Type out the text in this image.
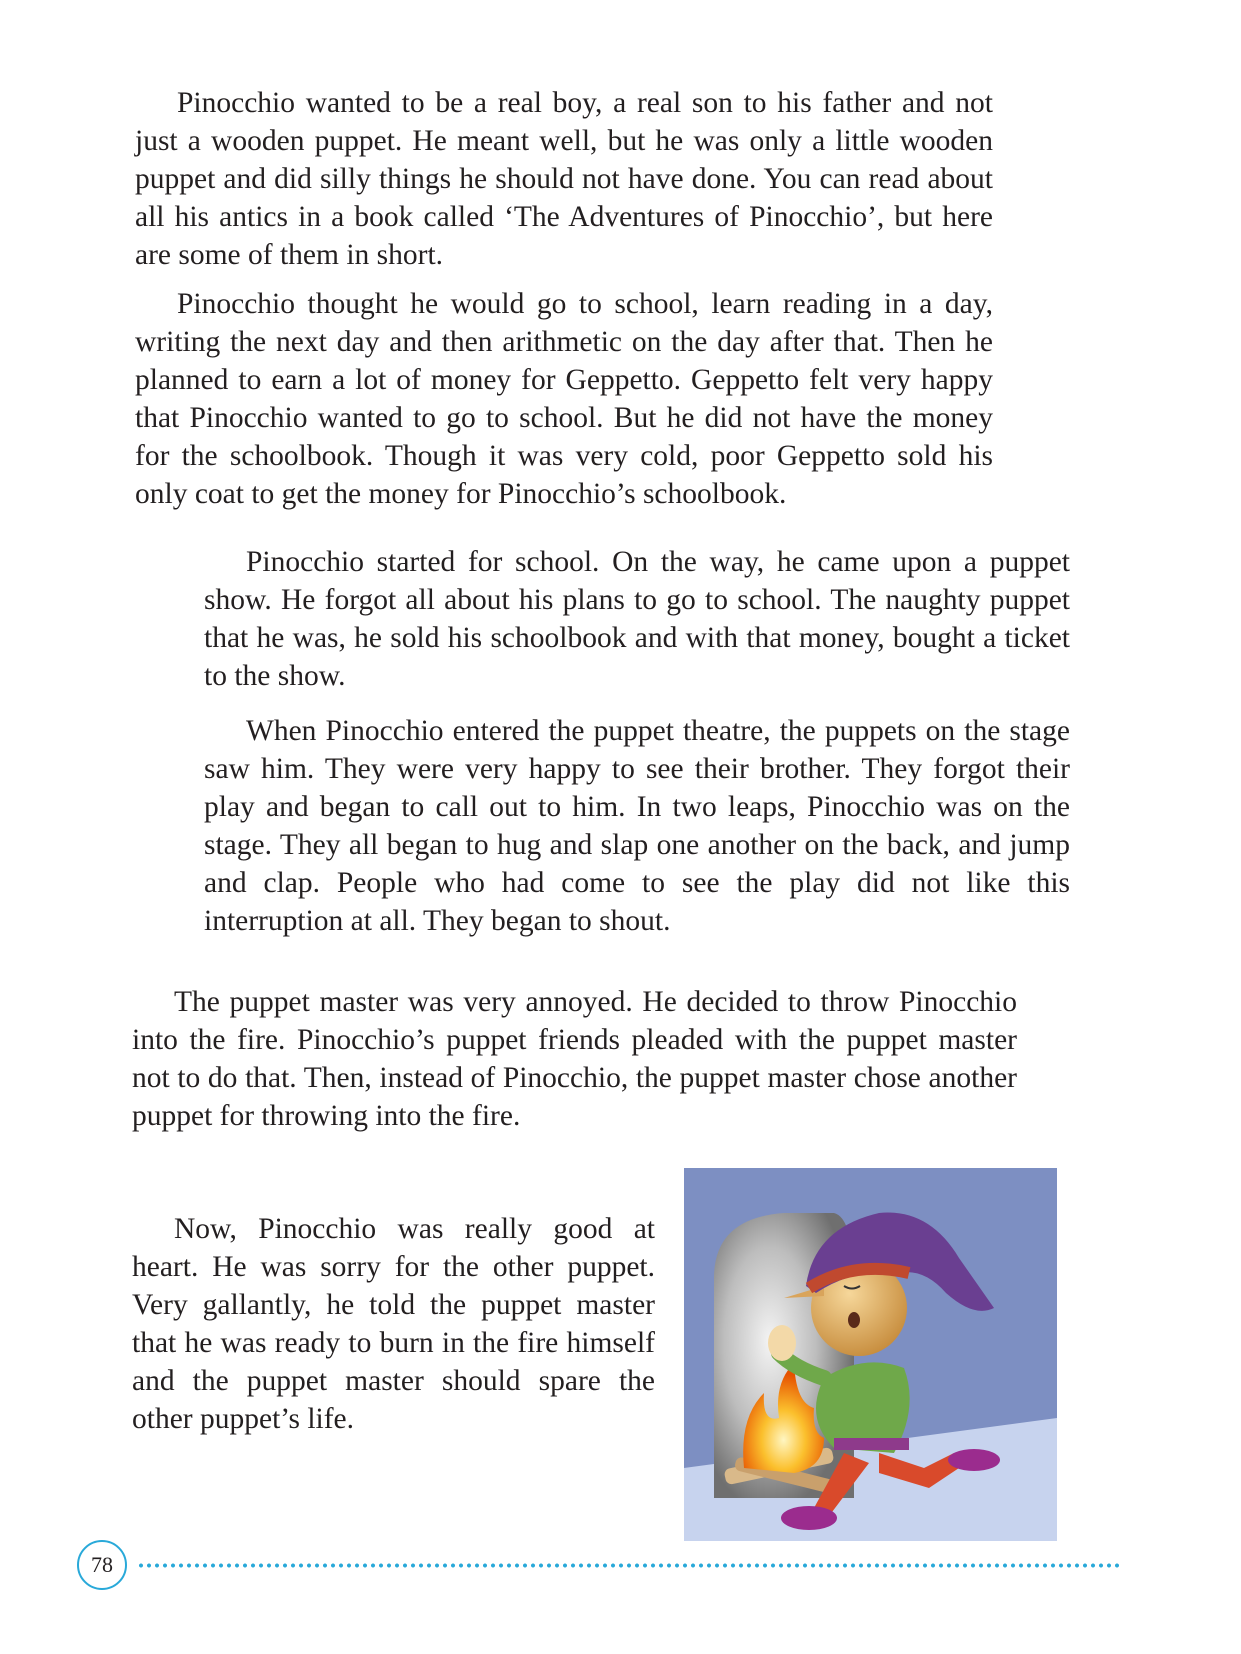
Pinocchio wanted to be a real boy, a real son to his father and not just a wooden puppet. He meant well, but he was only a little wooden puppet and did silly things he should not have done. You can read about all his antics in a book called ‘The Adventures of Pinocchio’, but here are some of them in short.

Pinocchio thought he would go to school, learn reading in a day, writing the next day and then arithmetic on the day after that. Then he planned to earn a lot of money for Geppetto. Geppetto felt very happy that Pinocchio wanted to go to school. But he did not have the money for the schoolbook. Though it was very cold, poor Geppetto sold his only coat to get the money for Pinocchio’s schoolbook.

Pinocchio started for school. On the way, he came upon a puppet show. He forgot all about his plans to go to school. The naughty puppet that he was, he sold his schoolbook and with that money, bought a ticket to the show.

When Pinocchio entered the puppet theatre, the puppets on the stage saw him. They were very happy to see their brother. They forgot their play and began to call out to him. In two leaps, Pinocchio was on the stage. They all began to hug and slap one another on the back, and jump and clap. People who had come to see the play did not like this interruption at all. They began to shout.

The puppet master was very annoyed. He decided to throw Pinocchio into the fire. Pinocchio’s puppet friends pleaded with the puppet master not to do that. Then, instead of Pinocchio, the puppet master chose another puppet for throwing into the fire.

Now, Pinocchio was really good at heart. He was sorry for the other puppet. Very gallantly, he told the puppet master that he was ready to burn in the fire himself and the puppet master should spare the other puppet’s life.

78
